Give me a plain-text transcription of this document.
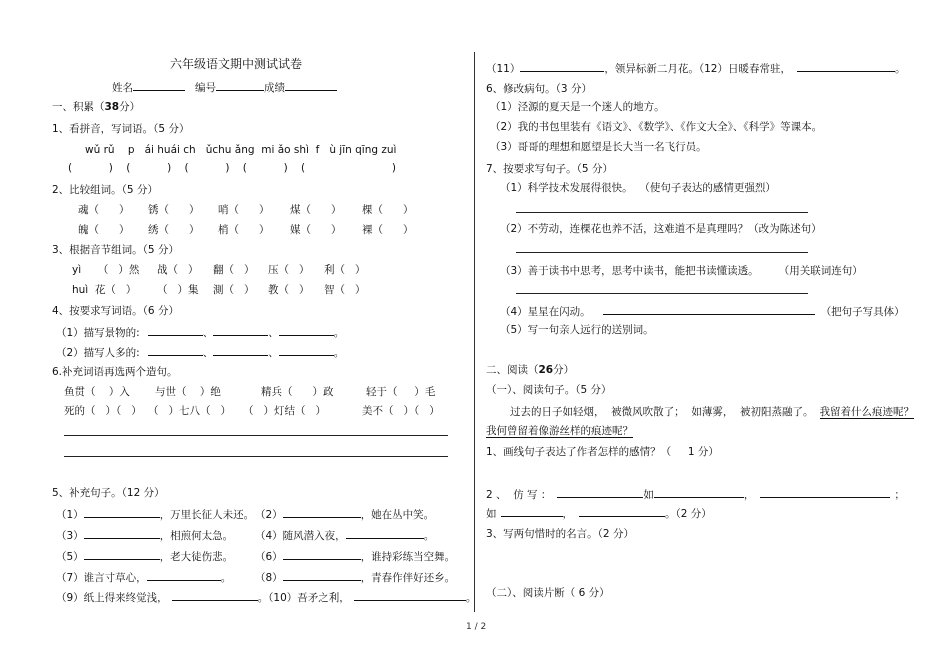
六年级语文期中测试试卷
姓名	编号	成绩
一、积累（38分）
1、看拼音，写词语。（5 分）
wǔ rǔ    p   ái huái ch   ǔchu ǎng  mi ǎo shì  f   ù jīn qīng zuì
(           )    (           )    (           )    (           )    (                          )
2、比较组词。（5 分）
魂（      ） 锈（      ） 哨（      ） 煤（      ） 棵（      ）
魄（      ） 绣（      ） 梢（      ） 媒（      ） 裸（      ）
3、根据音节组词。（5 分）
yì     （   ）然 战（   ） 翻（   ） 压（   ） 利（   ）
huì  花（   ） （   ）集 測（   ） 教（   ） 智（   ）
4、按要求写词语。（6 分）
（1）描写景物的:	、	、	。
（2）描写人多的:	、	、	。
6.补充词语再选两个造句。
鱼贯（    ）入 与世（    ）绝	精兵（      ）政	轻于（     ）毛
死的（   ）（   ） （   ）七八（   ） （   ）灯结（   ）	美不（   ）（   ）
5、补充句子。（12 分）
（1）	，万里长征人未还。 （2）	，她在丛中笑。
（3）	，相煎何太急。 （4）随风潜入夜，	。
（5）	，老大徒伤悲。 （6）	，谁持彩练当空舞。
（7）谁言寸草心，	。 （8）	，青春作伴好还乡。
（9）纸上得来终觉浅，	。（10）吾矛之利，	。
（11）	，领异标新二月花。（12）日暖春常驻，	。
6、修改病句。（3 分）
（1）泾源的夏天是一个迷人的地方。
（2）我的书包里装有《语文》、《数学》、《作文大全》、《科学》等课本。
（3）哥哥的理想和愿望是长大当一名飞行员。
7、按要求写句子。（5 分）
（1）科学技术发展得很快。  （使句子表达的感情更强烈）
（2）不劳动，连棵花也养不活，这难道不是真理吗？（改为陈述句）
（3）善于读书中思考，思考中读书，能把书读懂读透。      （用关联词连句）
（4）星星在闪动。	（把句子写具体）
（5）写一句亲人远行的送别词。
二、阅读（26分）
（一）、阅读句子。（5 分）
过去的日子如轻烟，  被微风吹散了；  如薄雾，  被初阳蒸融了。 我留着什么痕迹呢？
我何曾留着像游丝样的痕迹呢？
1、画线句子表达了作者怎样的感情？（     1 分）
2 、  仿 写 ：	如	，	；
如	，	。（2 分）
3、写两句惜时的名言。（2 分）
（二）、阅读片断（ 6 分）
1 / 2
